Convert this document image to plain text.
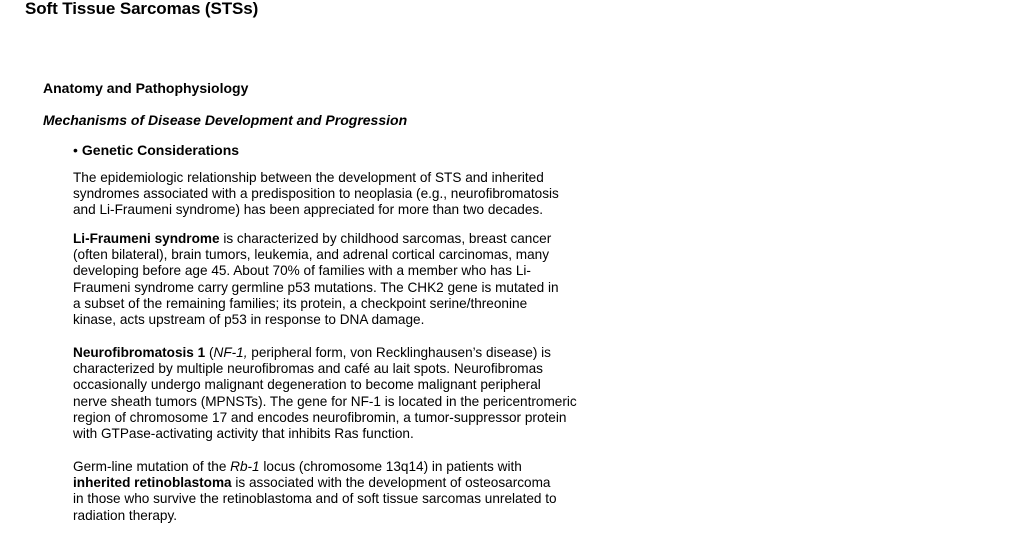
Soft Tissue Sarcomas (STSs)
Anatomy and Pathophysiology
Mechanisms of Disease Development and Progression
• Genetic Considerations

The epidemiologic relationship between the development of STS and inherited
syndromes associated with a predisposition to neoplasia (e.g., neurofibromatosis
and Li-Fraumeni syndrome) has been appreciated for more than two decades.

Li-Fraumeni syndrome is characterized by childhood sarcomas, breast cancer
(often bilateral), brain tumors, leukemia, and adrenal cortical carcinomas, many
developing before age 45. About 70% of families with a member who has Li-
Fraumeni syndrome carry germline p53 mutations. The CHK2 gene is mutated in
a subset of the remaining families; its protein, a checkpoint serine/threonine
kinase, acts upstream of p53 in response to DNA damage.

Neurofibromatosis 1 (NF-1, peripheral form, von Recklinghausen’s disease) is
characterized by multiple neurofibromas and café au lait spots. Neurofibromas
occasionally undergo malignant degeneration to become malignant peripheral
nerve sheath tumors (MPNSTs). The gene for NF-1 is located in the pericentromeric
region of chromosome 17 and encodes neurofibromin, a tumor-suppressor protein
with GTPase-activating activity that inhibits Ras function.

Germ-line mutation of the Rb-1 locus (chromosome 13q14) in patients with
inherited retinoblastoma is associated with the development of osteosarcoma
in those who survive the retinoblastoma and of soft tissue sarcomas unrelated to
radiation therapy.
